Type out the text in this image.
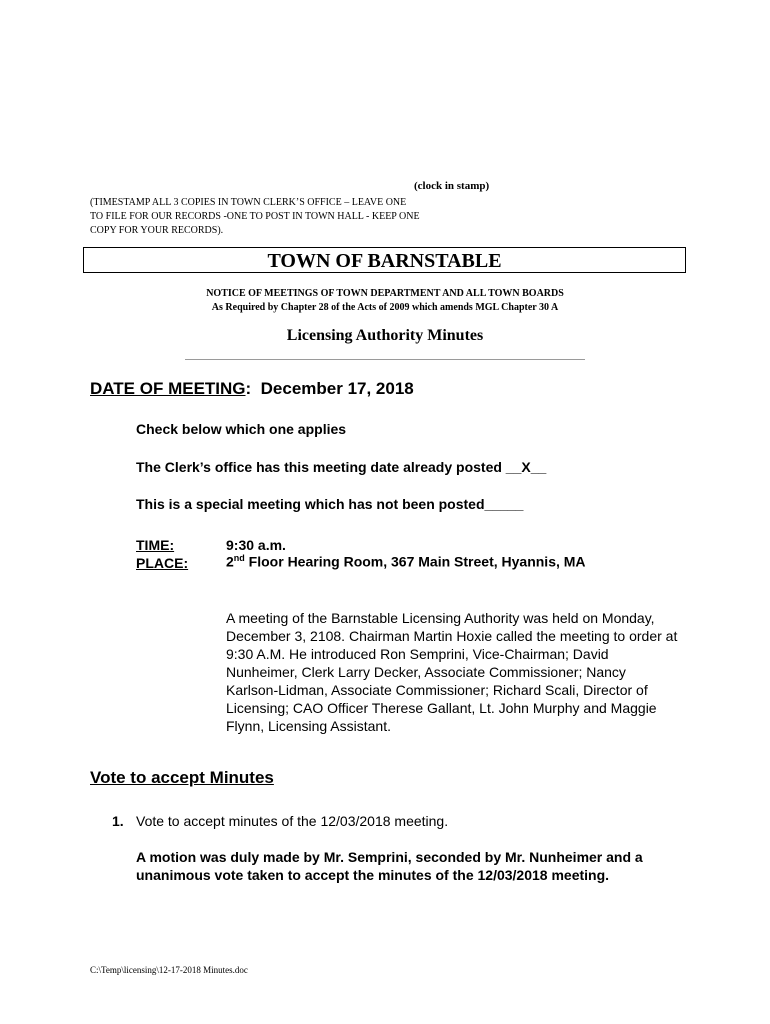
(clock in stamp)
(TIMESTAMP ALL 3 COPIES IN TOWN CLERK’S OFFICE – LEAVE ONE TO FILE FOR OUR RECORDS -ONE TO POST IN TOWN HALL - KEEP ONE COPY FOR YOUR RECORDS).
TOWN OF BARNSTABLE
NOTICE OF MEETINGS OF TOWN DEPARTMENT AND ALL TOWN BOARDS
As Required by Chapter 28 of the Acts of 2009 which amends MGL Chapter 30 A
Licensing Authority Minutes
DATE OF MEETING: December 17, 2018
Check below which one applies
The Clerk’s office has this meeting date already posted __X__
This is a special meeting which has not been posted_____
TIME:	9:30 a.m.
PLACE:	2nd Floor Hearing Room, 367 Main Street, Hyannis, MA
A meeting of the Barnstable Licensing Authority was held on Monday, December 3, 2108. Chairman Martin Hoxie called the meeting to order at 9:30 A.M. He introduced Ron Semprini, Vice-Chairman; David Nunheimer, Clerk Larry Decker, Associate Commissioner; Nancy Karlson-Lidman, Associate Commissioner; Richard Scali, Director of Licensing; CAO Officer Therese Gallant, Lt. John Murphy and Maggie Flynn, Licensing Assistant.
Vote to accept Minutes
1. Vote to accept minutes of the 12/03/2018 meeting.
A motion was duly made by Mr. Semprini, seconded by Mr. Nunheimer and a unanimous vote taken to accept the minutes of the 12/03/2018 meeting.
C:\Temp\licensing\12-17-2018 Minutes.doc
